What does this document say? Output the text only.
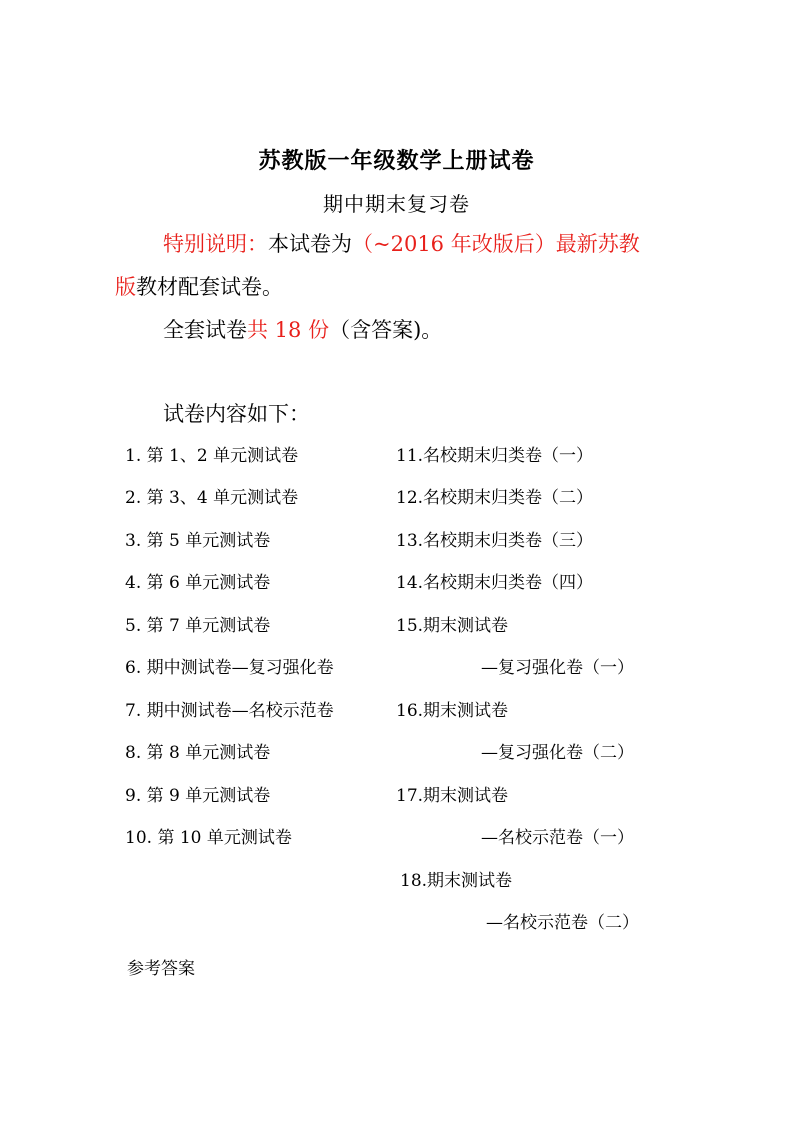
苏教版一年级数学上册试卷
期中期末复习卷
特别说明：本试卷为（~2016 年改版后）最新苏教
版教材配套试卷。
全套试卷共 18 份（含答案)。
试卷内容如下：
1. 第 1、2 单元测试卷
2. 第 3、4 单元测试卷
3. 第 5 单元测试卷
4. 第 6 单元测试卷
5. 第 7 单元测试卷
6. 期中测试卷—复习强化卷
7. 期中测试卷—名校示范卷
8. 第 8 单元测试卷
9. 第 9 单元测试卷
10. 第 10 单元测试卷
11.名校期末归类卷（一）
12.名校期末归类卷（二）
13.名校期末归类卷（三）
14.名校期末归类卷（四）
15.期末测试卷
—复习强化卷（一）
16.期末测试卷
—复习强化卷（二）
17.期末测试卷
—名校示范卷（一）
18.期末测试卷
—名校示范卷（二）
参考答案
